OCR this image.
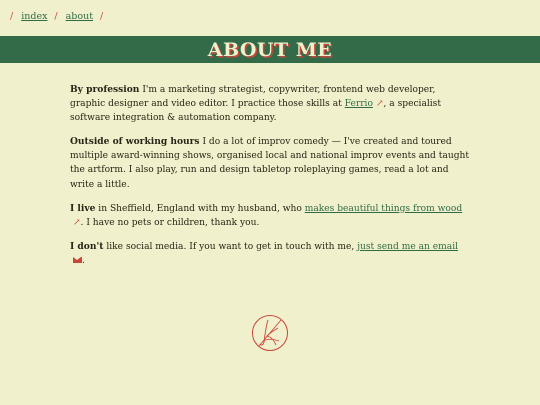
/ index / about /
ABOUT ME

By profession I'm a marketing strategist, copywriter, frontend web developer, graphic designer and video editor. I practice those skills at Ferrio ↗, a specialist software integration & automation company.

Outside of working hours I do a lot of improv comedy — I've created and toured multiple award-winning shows, organised local and national improv events and taught the artform. I also play, run and design tabletop roleplaying games, read a lot and write a little.

I live in Sheffield, England with my husband, who makes beautiful things from wood↗. I have no pets or children, thank you.

I don't like social media. If you want to get in touch with me, just send me an email.
